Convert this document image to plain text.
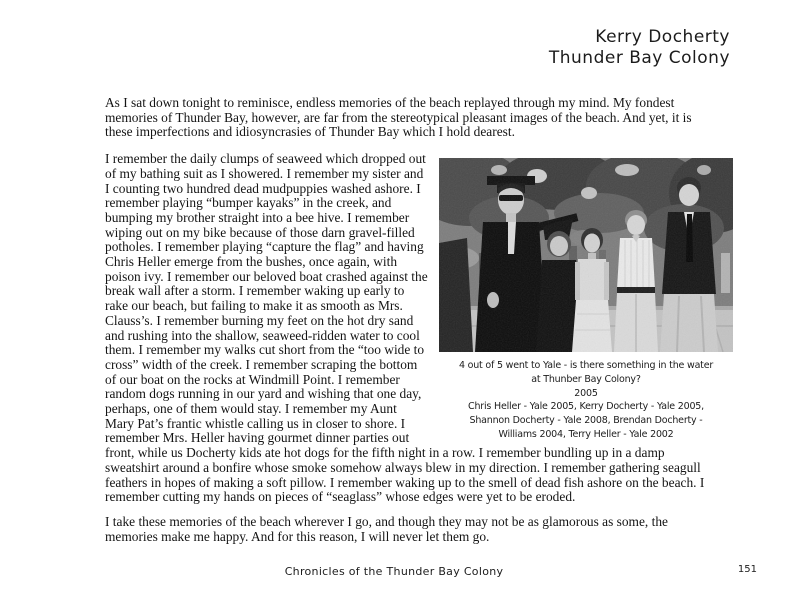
Kerry Docherty
Thunder Bay Colony

As I sat down tonight to reminisce, endless memories of the beach replayed through my mind. My fondest memories of Thunder Bay, however, are far from the stereotypical pleasant images of the beach. And yet, it is these imperfections and idiosyncrasies of Thunder Bay which I hold dearest.

4 out of 5 went to Yale - is there something in the water
at Thunber Bay Colony?
2005
Chris Heller - Yale 2005, Kerry Docherty - Yale 2005,
Shannon Docherty - Yale 2008, Brendan Docherty -
Williams 2004, Terry Heller - Yale 2002

I remember the daily clumps of seaweed which dropped out of my bathing suit as I showered. I remember my sister and I counting two hundred dead mudpuppies washed ashore. I remember playing “bumper kayaks” in the creek, and bumping my brother straight into a bee hive. I remember wiping out on my bike because of those darn gravel-filled potholes. I remember playing “capture the flag” and having Chris Heller emerge from the bushes, once again, with poison ivy. I remember our beloved boat crashed against the break wall after a storm. I remember waking up early to rake our beach, but failing to make it as smooth as Mrs. Clauss’s. I remember burning my feet on the hot dry sand and rushing into the shallow, seaweed-ridden water to cool them. I remember my walks cut short from the “too wide to cross” width of the creek. I remember scraping the bottom of our boat on the rocks at Windmill Point. I remember random dogs running in our yard and wishing that one day, perhaps, one of them would stay. I remember my Aunt Mary Pat’s frantic whistle calling us in closer to shore. I remember Mrs. Heller having gourmet dinner parties out front, while us Docherty kids ate hot dogs for the fifth night in a row. I remember bundling up in a damp sweatshirt around a bonfire whose smoke somehow always blew in my direction. I remember gathering seagull feathers in hopes of making a soft pillow. I remember waking up to the smell of dead fish ashore on the beach. I remember cutting my hands on pieces of “seaglass” whose edges were yet to be eroded.

I take these memories of the beach wherever I go, and though they may not be as glamorous as some, the memories make me happy. And for this reason, I will never let them go.

Chronicles of the Thunder Bay Colony	151
